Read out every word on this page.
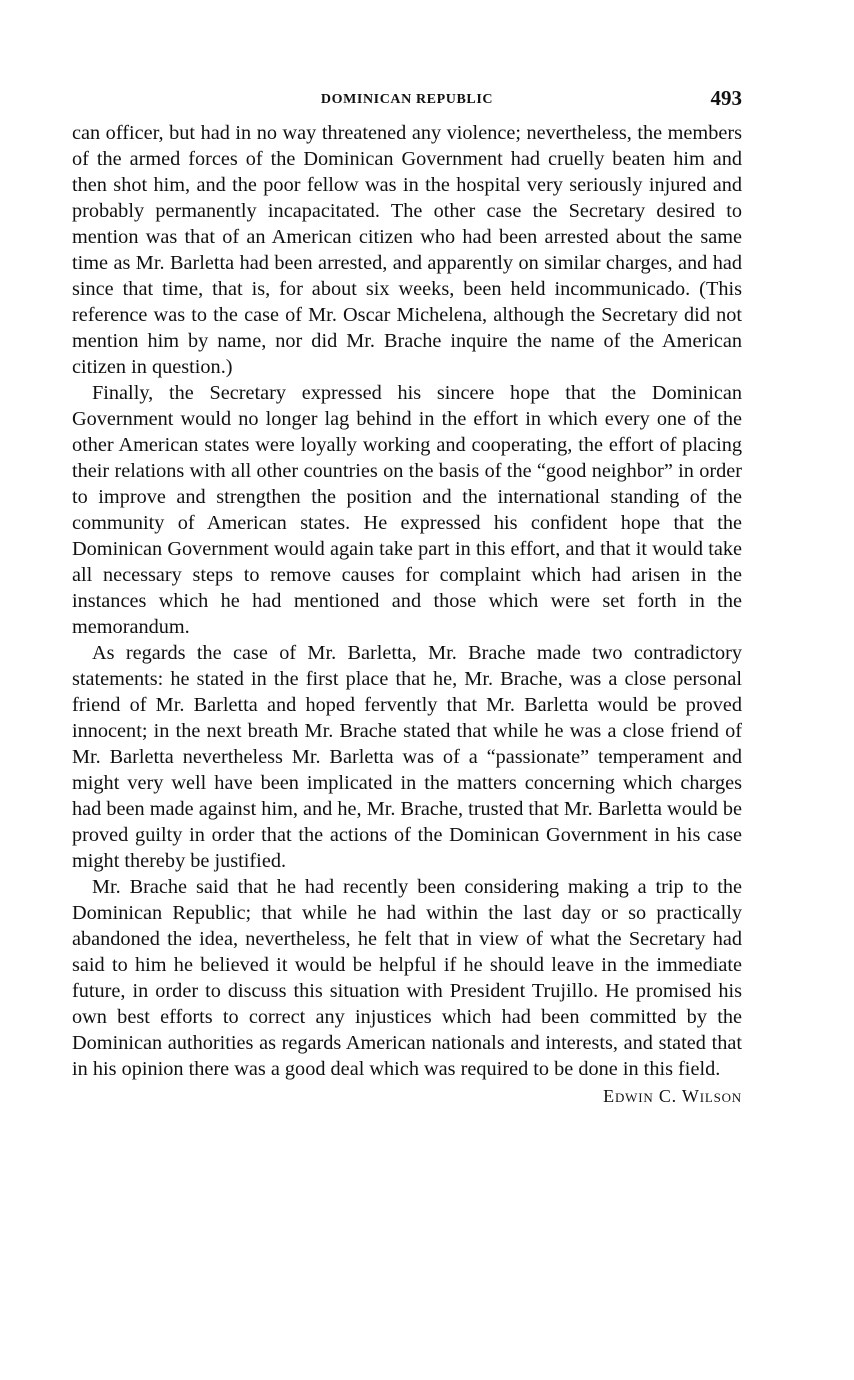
DOMINICAN REPUBLIC	493

can officer, but had in no way threatened any violence; nevertheless, the members of the armed forces of the Dominican Government had cruelly beaten him and then shot him, and the poor fellow was in the hospital very seriously injured and probably permanently incapacitated. The other case the Secretary desired to mention was that of an American citizen who had been arrested about the same time as Mr. Barletta had been arrested, and apparently on similar charges, and had since that time, that is, for about six weeks, been held incommunicado. (This reference was to the case of Mr. Oscar Michelena, although the Secretary did not mention him by name, nor did Mr. Brache inquire the name of the American citizen in question.)

Finally, the Secretary expressed his sincere hope that the Dominican Government would no longer lag behind in the effort in which every one of the other American states were loyally working and cooperating, the effort of placing their relations with all other countries on the basis of the “good neighbor” in order to improve and strengthen the position and the international standing of the community of American states. He expressed his confident hope that the Dominican Government would again take part in this effort, and that it would take all necessary steps to remove causes for complaint which had arisen in the instances which he had mentioned and those which were set forth in the memorandum.

As regards the case of Mr. Barletta, Mr. Brache made two contradictory statements: he stated in the first place that he, Mr. Brache, was a close personal friend of Mr. Barletta and hoped fervently that Mr. Barletta would be proved innocent; in the next breath Mr. Brache stated that while he was a close friend of Mr. Barletta nevertheless Mr. Barletta was of a “passionate” temperament and might very well have been implicated in the matters concerning which charges had been made against him, and he, Mr. Brache, trusted that Mr. Barletta would be proved guilty in order that the actions of the Dominican Government in his case might thereby be justified.

Mr. Brache said that he had recently been considering making a trip to the Dominican Republic; that while he had within the last day or so practically abandoned the idea, nevertheless, he felt that in view of what the Secretary had said to him he believed it would be helpful if he should leave in the immediate future, in order to discuss this situation with President Trujillo. He promised his own best efforts to correct any injustices which had been committed by the Dominican authorities as regards American nationals and interests, and stated that in his opinion there was a good deal which was required to be done in this field.

Edwin C. Wilson
